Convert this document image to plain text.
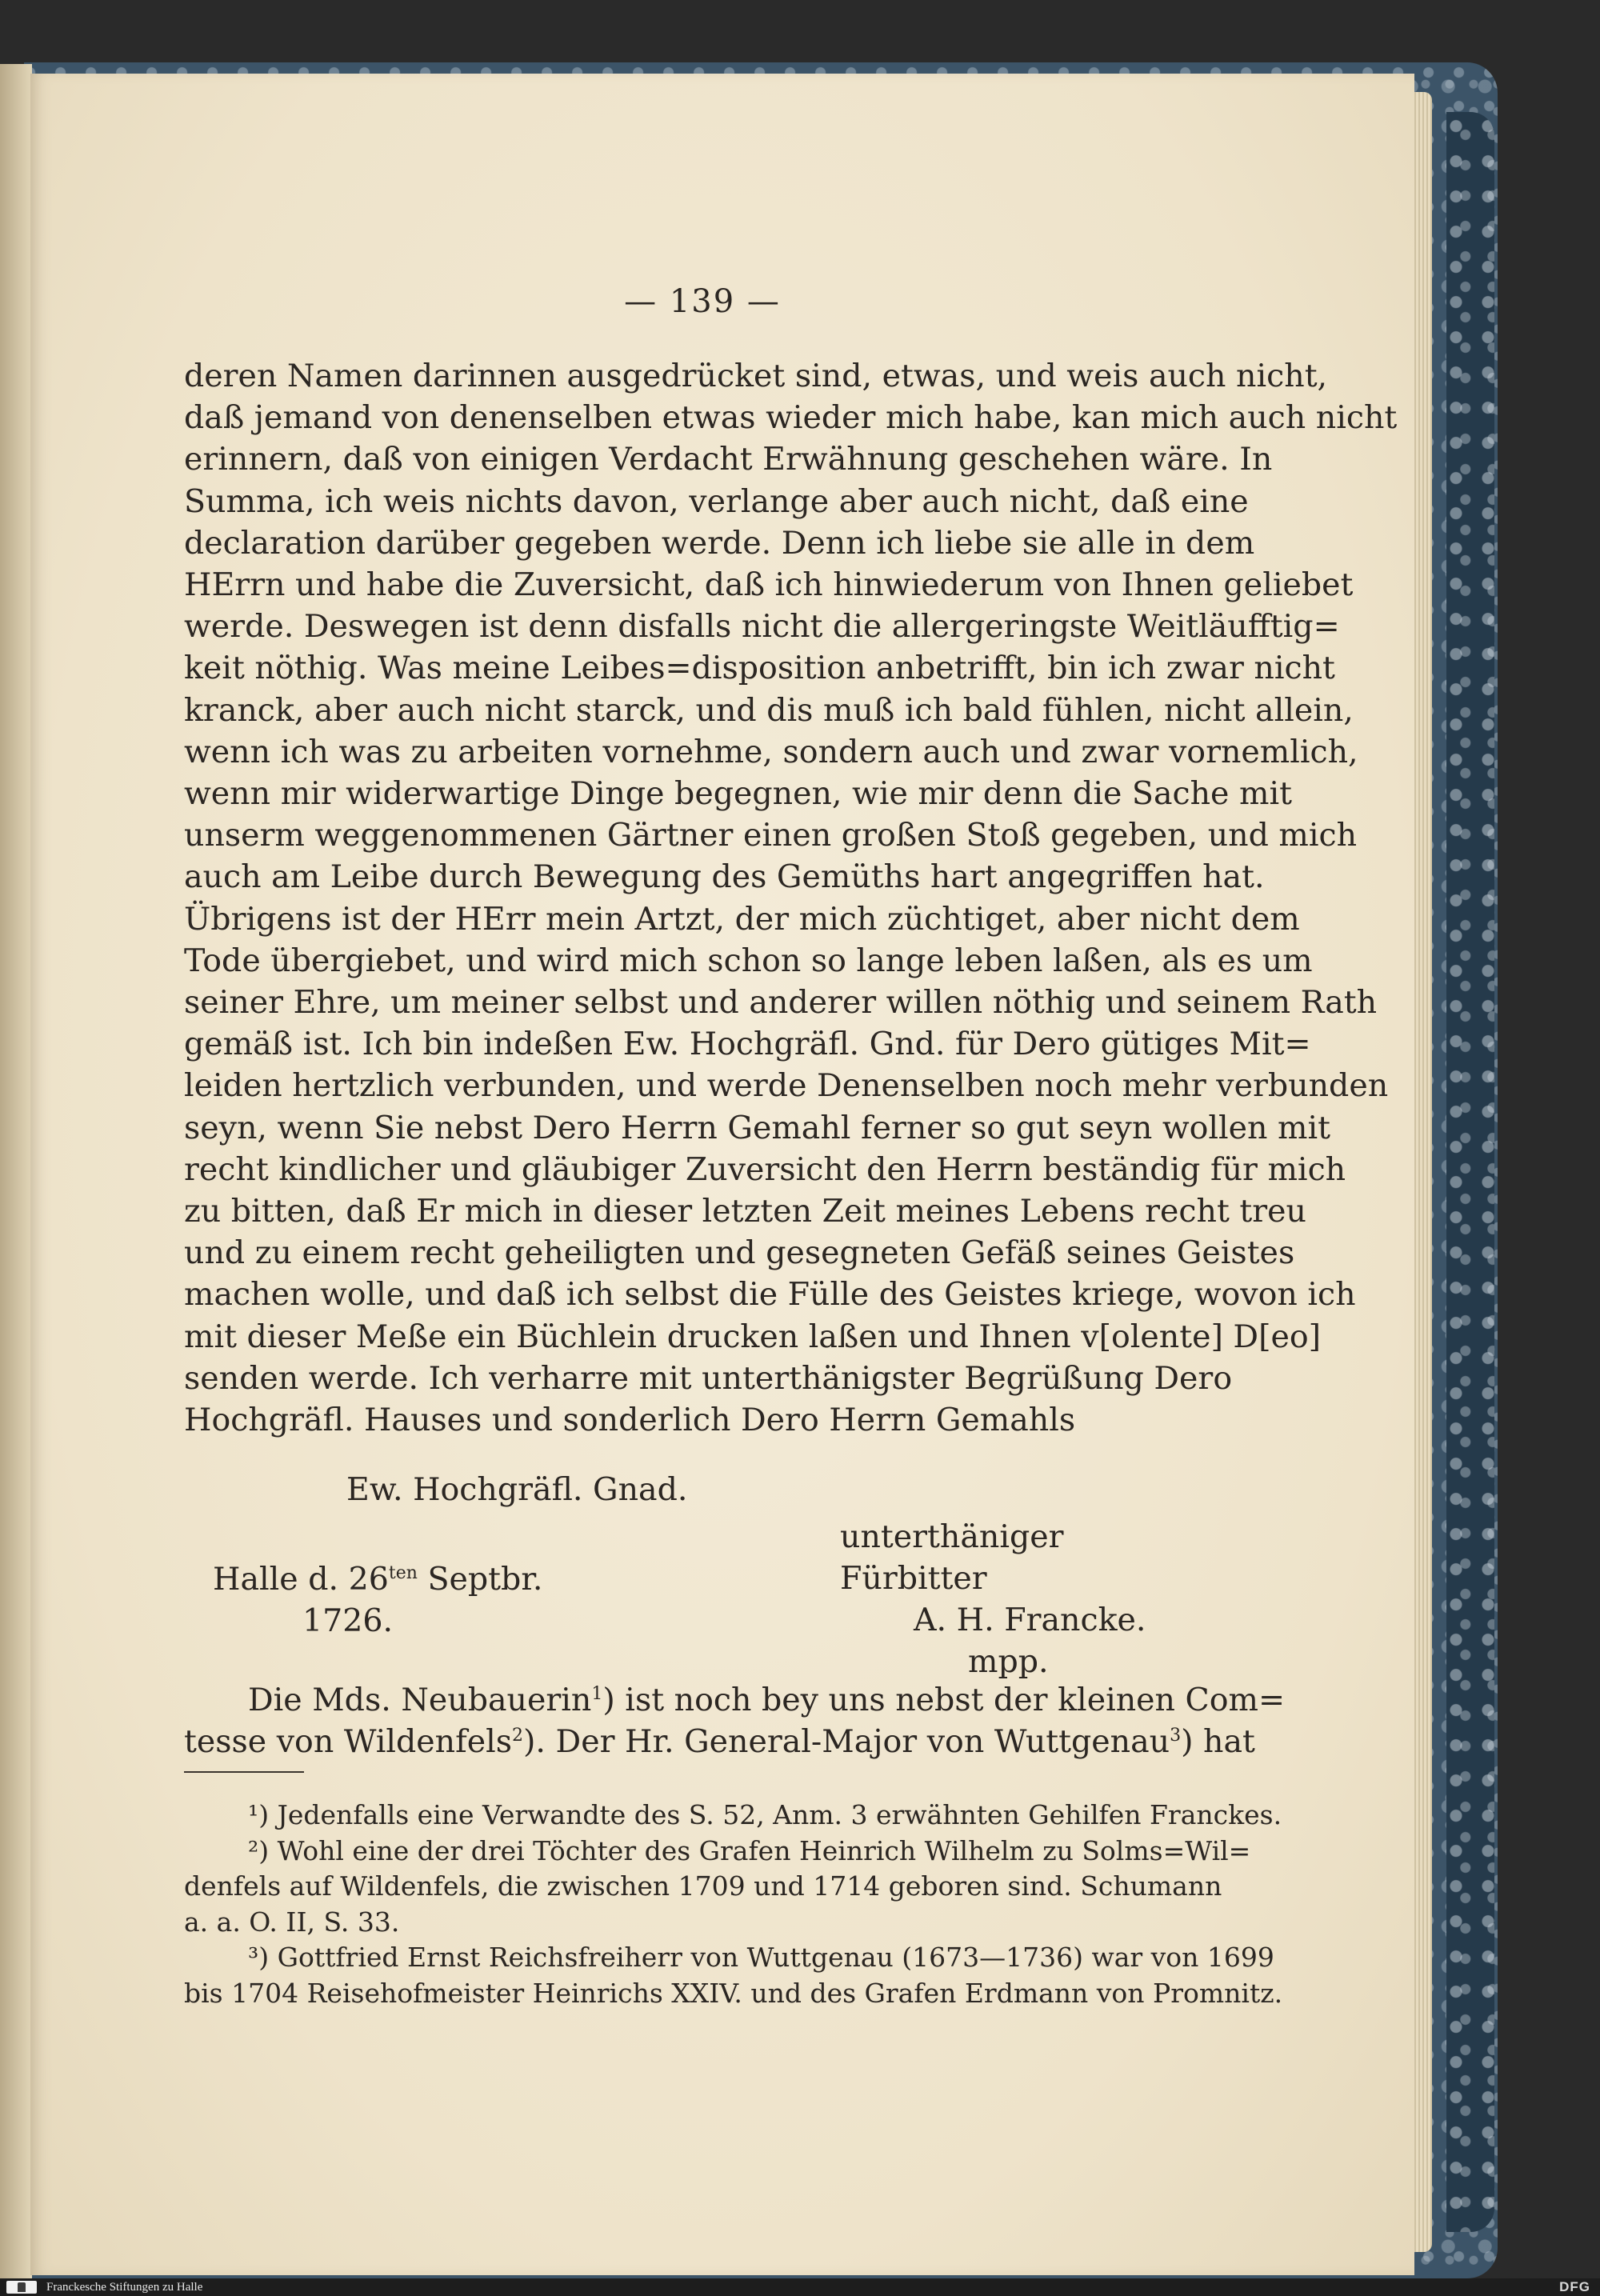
— 139 —
deren Namen darinnen ausgedrücket sind, etwas, und weis auch nicht,
daß jemand von denenselben etwas wieder mich habe, kan mich auch nicht
erinnern, daß von einigen Verdacht Erwähnung geschehen wäre. In
Summa, ich weis nichts davon, verlange aber auch nicht, daß eine
declaration darüber gegeben werde. Denn ich liebe sie alle in dem
HErrn und habe die Zuversicht, daß ich hinwiederum von Ihnen geliebet
werde. Deswegen ist denn disfalls nicht die allergeringste Weitläufftig=
keit nöthig. Was meine Leibes=disposition anbetrifft, bin ich zwar nicht
kranck, aber auch nicht starck, und dis muß ich bald fühlen, nicht allein,
wenn ich was zu arbeiten vornehme, sondern auch und zwar vornemlich,
wenn mir widerwartige Dinge begegnen, wie mir denn die Sache mit
unserm weggenommenen Gärtner einen großen Stoß gegeben, und mich
auch am Leibe durch Bewegung des Gemüths hart angegriffen hat.
Übrigens ist der HErr mein Artzt, der mich züchtiget, aber nicht dem
Tode übergiebet, und wird mich schon so lange leben laßen, als es um
seiner Ehre, um meiner selbst und anderer willen nöthig und seinem Rath
gemäß ist. Ich bin indeßen Ew. Hochgräfl. Gnd. für Dero gütiges Mit=
leiden hertzlich verbunden, und werde Denenselben noch mehr verbunden
seyn, wenn Sie nebst Dero Herrn Gemahl ferner so gut seyn wollen mit
recht kindlicher und gläubiger Zuversicht den Herrn beständig für mich
zu bitten, daß Er mich in dieser letzten Zeit meines Lebens recht treu
und zu einem recht geheiligten und gesegneten Gefäß seines Geistes
machen wolle, und daß ich selbst die Fülle des Geistes kriege, wovon ich
mit dieser Meße ein Büchlein drucken laßen und Ihnen v[olente] D[eo]
senden werde. Ich verharre mit unterthänigster Begrüßung Dero
Hochgräfl. Hauses und sonderlich Dero Herrn Gemahls
Ew. Hochgräfl. Gnad.
unterthäniger Fürbitter
A. H. Francke.
mpp.
Halle d. $26^{ten}$ Septbr.
1726.
Die Mds. Neubauerin$^1$) ist noch bey uns nebst der kleinen Com=
tesse von Wildenfels$^2$). Der Hr. General-Major von Wuttgenau$^3$) hat
¹) Jedenfalls eine Verwandte des S. 52, Anm. 3 erwähnten Gehilfen Franckes.
²) Wohl eine der drei Töchter des Grafen Heinrich Wilhelm zu Solms=Wil=
denfels auf Wildenfels, die zwischen 1709 und 1714 geboren sind. Schumann
a. a. O. II, S. 33.
³) Gottfried Ernst Reichsfreiherr von Wuttgenau (1673—1736) war von 1699
bis 1704 Reisehofmeister Heinrichs XXIV. und des Grafen Erdmann von Promnitz.
Franckesche Stiftungen zu Halle	DFG
